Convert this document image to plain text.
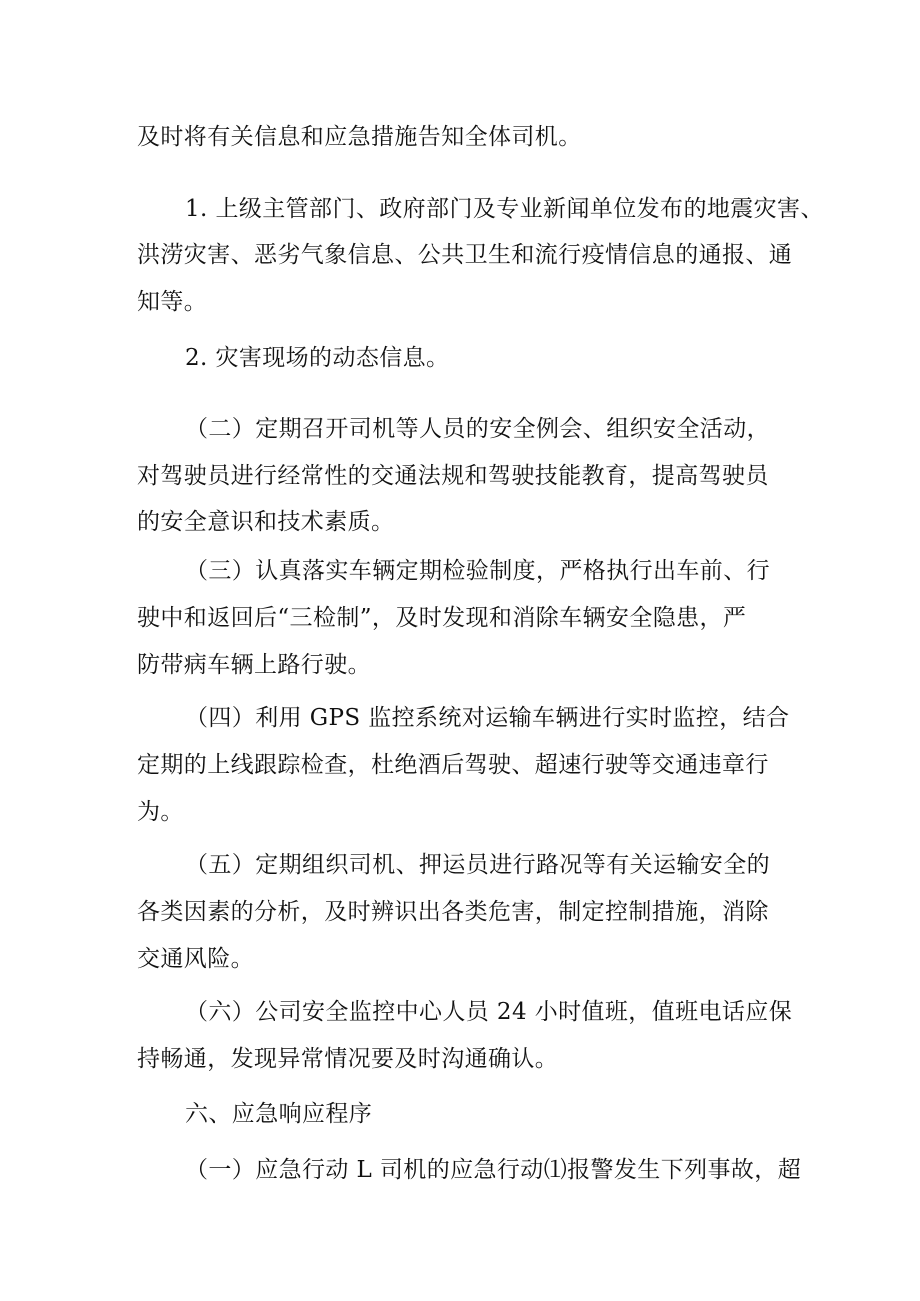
及时将有关信息和应急措施告知全体司机。
1. 上级主管部门、政府部门及专业新闻单位发布的地震灾害、
洪涝灾害、恶劣气象信息、公共卫生和流行疫情信息的通报、通
知等。
2. 灾害现场的动态信息。
（二）定期召开司机等人员的安全例会、组织安全活动，
对驾驶员进行经常性的交通法规和驾驶技能教育，提高驾驶员
的安全意识和技术素质。
（三）认真落实车辆定期检验制度，严格执行出车前、行
驶中和返回后“三检制”，及时发现和消除车辆安全隐患，严
防带病车辆上路行驶。
（四）利用 GPS 监控系统对运输车辆进行实时监控，结合
定期的上线跟踪检查，杜绝酒后驾驶、超速行驶等交通违章行
为。
（五）定期组织司机、押运员进行路况等有关运输安全的
各类因素的分析，及时辨识出各类危害，制定控制措施，消除
交通风险。
（六）公司安全监控中心人员 24 小时值班，值班电话应保
持畅通，发现异常情况要及时沟通确认。
六、应急响应程序
（一）应急行动 L 司机的应急行动⑴报警发生下列事故，超
